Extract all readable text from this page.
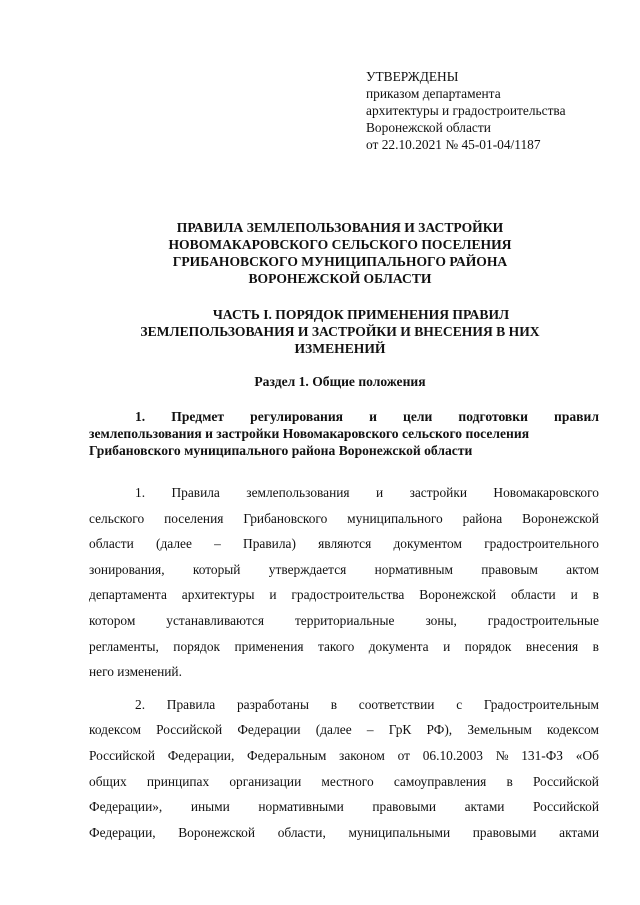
УТВЕРЖДЕНЫ
приказом департамента
архитектуры и градостроительства
Воронежской области
от 22.10.2021 № 45-01-04/1187
ПРАВИЛА ЗЕМЛЕПОЛЬЗОВАНИЯ И ЗАСТРОЙКИ
НОВОМАКАРОВСКОГО СЕЛЬСКОГО ПОСЕЛЕНИЯ
ГРИБАНОВСКОГО МУНИЦИПАЛЬНОГО РАЙОНА
ВОРОНЕЖСКОЙ ОБЛАСТИ
ЧАСТЬ I. ПОРЯДОК ПРИМЕНЕНИЯ ПРАВИЛ
ЗЕМЛЕПОЛЬЗОВАНИЯ И ЗАСТРОЙКИ И ВНЕСЕНИЯ В НИХ
ИЗМЕНЕНИЙ
Раздел 1. Общие положения
1. Предмет регулирования и цели подготовки правил
землепользования и застройки Новомакаровского сельского поселения
Грибановского муниципального района Воронежской области
1. Правила землепользования и застройки Новомакаровского
сельского поселения Грибановского муниципального района Воронежской
области (далее – Правила) являются документом градостроительного
зонирования, который утверждается нормативным правовым актом
департамента архитектуры и градостроительства Воронежской области и в
котором устанавливаются территориальные зоны, градостроительные
регламенты, порядок применения такого документа и порядок внесения в
него изменений.
2. Правила разработаны в соответствии с Градостроительным
кодексом Российской Федерации (далее – ГрК РФ), Земельным кодексом
Российской Федерации, Федеральным законом от 06.10.2003 № 131-ФЗ «Об
общих принципах организации местного самоуправления в Российской
Федерации», иными нормативными правовыми актами Российской
Федерации, Воронежской области, муниципальными правовыми актами
